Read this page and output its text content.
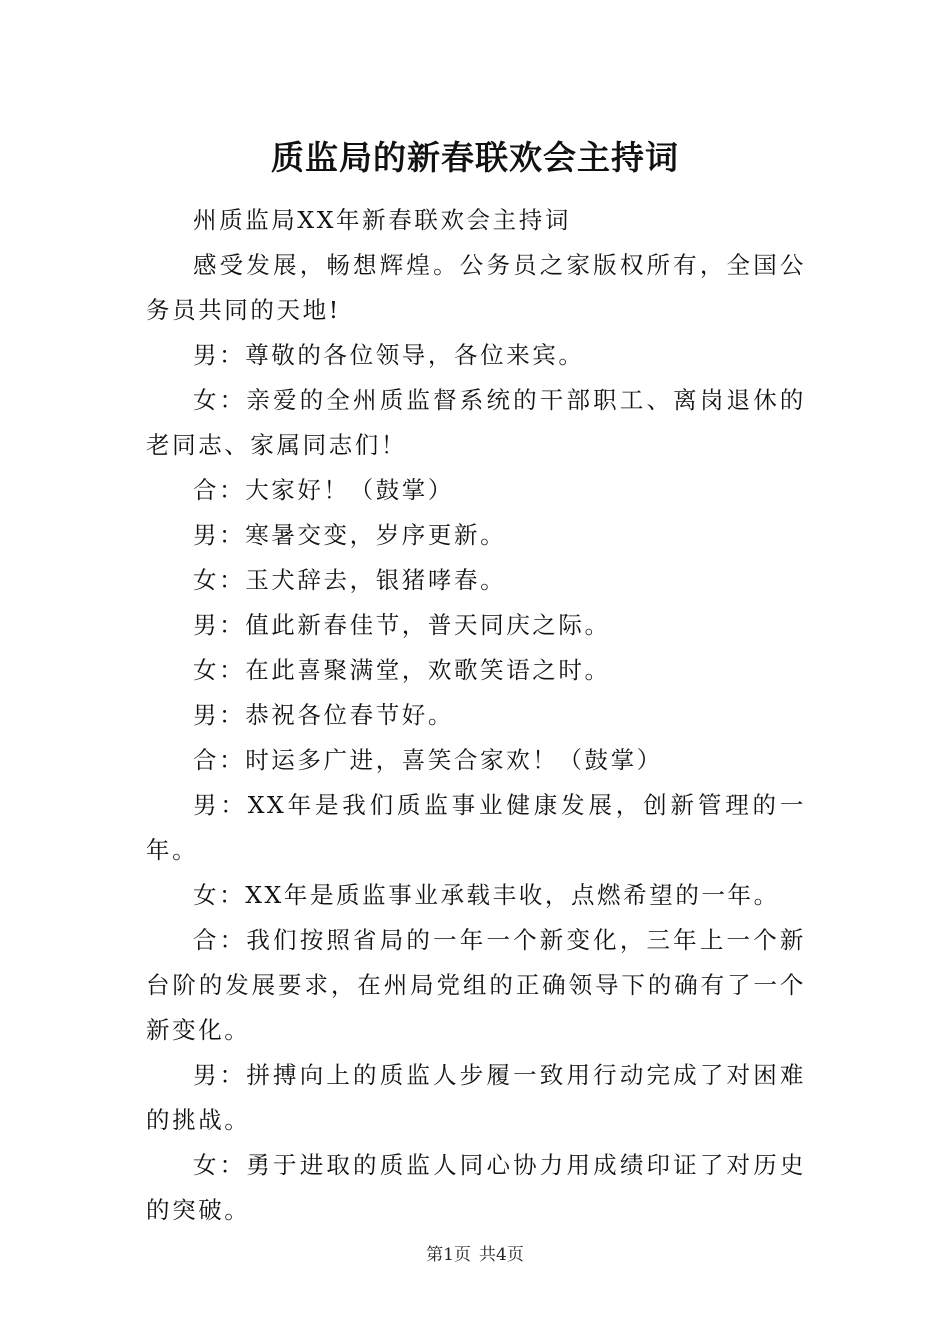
质监局的新春联欢会主持词

州质监局XX年新春联欢会主持词

感受发展，畅想辉煌。公务员之家版权所有，全国公务员共同的天地!

男：尊敬的各位领导，各位来宾。

女：亲爱的全州质监督系统的干部职工、离岗退休的老同志、家属同志们！

合：大家好！（鼓掌）

男：寒暑交变，岁序更新。

女：玉犬辞去，银猪哮春。

男：值此新春佳节，普天同庆之际。

女：在此喜聚满堂，欢歌笑语之时。

男：恭祝各位春节好。

合：时运多广进，喜笑合家欢！（鼓掌）

男：XX年是我们质监事业健康发展，创新管理的一年。

女：XX年是质监事业承载丰收，点燃希望的一年。

合：我们按照省局的一年一个新变化，三年上一个新台阶的发展要求，在州局党组的正确领导下的确有了一个新变化。

男：拼搏向上的质监人步履一致用行动完成了对困难的挑战。

女：勇于进取的质监人同心协力用成绩印证了对历史的突破。

第1页 共4页
